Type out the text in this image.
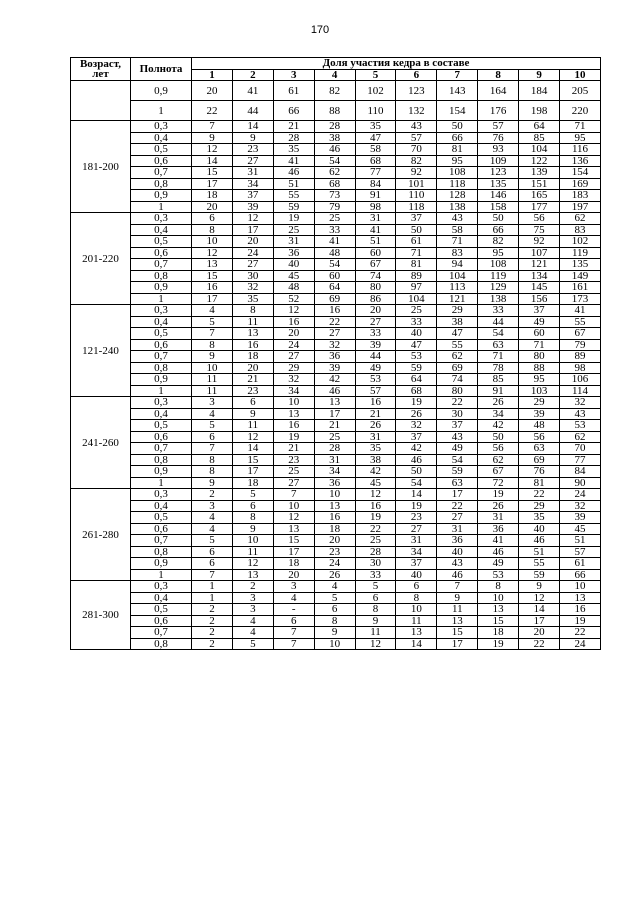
170
Возраст, лет	Полнота	Доля участия кедра в составе									
		1	2	3	4	5	6	7	8	9	10
	0,9	20	41	61	82	102	123	143	164	184	205
	1	22	44	66	88	110	132	154	176	198	220
181-200	0,3	7	14	21	28	35	43	50	57	64	71
	0,4	9	9	28	38	47	57	66	76	85	95
	0,5	12	23	35	46	58	70	81	93	104	116
	0,6	14	27	41	54	68	82	95	109	122	136
	0,7	15	31	46	62	77	92	108	123	139	154
	0,8	17	34	51	68	84	101	118	135	151	169
	0,9	18	37	55	73	91	110	128	146	165	183
	1	20	39	59	79	98	118	138	158	177	197
201-220	0,3	6	12	19	25	31	37	43	50	56	62
	0,4	8	17	25	33	41	50	58	66	75	83
	0,5	10	20	31	41	51	61	71	82	92	102
	0,6	12	24	36	48	60	71	83	95	107	119
	0,7	13	27	40	54	67	81	94	108	121	135
	0,8	15	30	45	60	74	89	104	119	134	149
	0,9	16	32	48	64	80	97	113	129	145	161
	1	17	35	52	69	86	104	121	138	156	173
121-240	0,3	4	8	12	16	20	25	29	33	37	41
	0,4	5	11	16	22	27	33	38	44	49	55
	0,5	7	13	20	27	33	40	47	54	60	67
	0,6	8	16	24	32	39	47	55	63	71	79
	0,7	9	18	27	36	44	53	62	71	80	89
	0,8	10	20	29	39	49	59	69	78	88	98
	0,9	11	21	32	42	53	64	74	85	95	106
	1	11	23	34	46	57	68	80	91	103	114
241-260	0,3	3	6	10	13	16	19	22	26	29	32
	0,4	4	9	13	17	21	26	30	34	39	43
	0,5	5	11	16	21	26	32	37	42	48	53
	0,6	6	12	19	25	31	37	43	50	56	62
	0,7	7	14	21	28	35	42	49	56	63	70
	0,8	8	15	23	31	38	46	54	62	69	77
	0,9	8	17	25	34	42	50	59	67	76	84
	1	9	18	27	36	45	54	63	72	81	90
261-280	0,3	2	5	7	10	12	14	17	19	22	24
	0,4	3	6	10	13	16	19	22	26	29	32
	0,5	4	8	12	16	19	23	27	31	35	39
	0,6	4	9	13	18	22	27	31	36	40	45
	0,7	5	10	15	20	25	31	36	41	46	51
	0,8	6	11	17	23	28	34	40	46	51	57
	0,9	6	12	18	24	30	37	43	49	55	61
	1	7	13	20	26	33	40	46	53	59	66
281-300	0,3	1	2	3	4	5	6	7	8	9	10
	0,4	1	3	4	5	6	8	9	10	12	13
	0,5	2	3	-	6	8	10	11	13	14	16
	0,6	2	4	6	8	9	11	13	15	17	19
	0,7	2	4	7	9	11	13	15	18	20	22
	0,8	2	5	7	10	12	14	17	19	22	24
